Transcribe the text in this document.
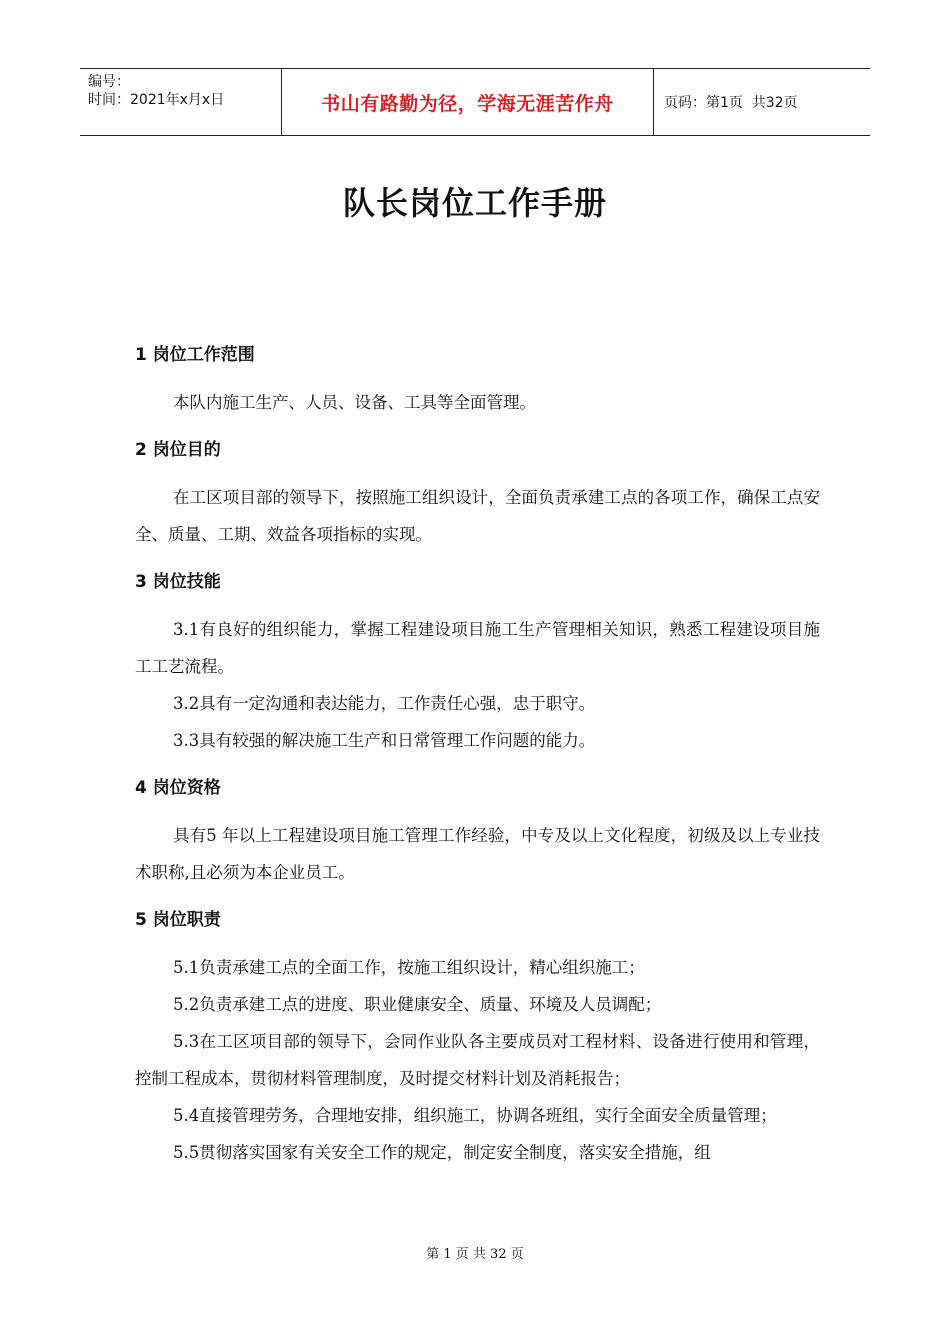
编号：
时间：2021年x月x日	书山有路勤为径，学海无涯苦作舟	页码：第1页  共32页
队长岗位工作手册
1 岗位工作范围

本队内施工生产、人员、设备、工具等全面管理。

2 岗位目的

在工区项目部的领导下，按照施工组织设计，全面负责承建工点的各项工作，确保工点安全、质量、工期、效益各项指标的实现。

3 岗位技能

3.1有良好的组织能力，掌握工程建设项目施工生产管理相关知识，熟悉工程建设项目施工工艺流程。

3.2具有一定沟通和表达能力，工作责任心强，忠于职守。

3.3具有较强的解决施工生产和日常管理工作问题的能力。

4 岗位资格

具有5 年以上工程建设项目施工管理工作经验，中专及以上文化程度，初级及以上专业技术职称,且必须为本企业员工。

5 岗位职责

5.1负责承建工点的全面工作，按施工组织设计，精心组织施工；

5.2负责承建工点的进度、职业健康安全、质量、环境及人员调配；

5.3在工区项目部的领导下，会同作业队各主要成员对工程材料、设备进行使用和管理，控制工程成本，贯彻材料管理制度，及时提交材料计划及消耗报告；

5.4直接管理劳务，合理地安排，组织施工，协调各班组，实行全面安全质量管理；

5.5贯彻落实国家有关安全工作的规定，制定安全制度，落实安全措施，组

第 1 页 共 32 页
